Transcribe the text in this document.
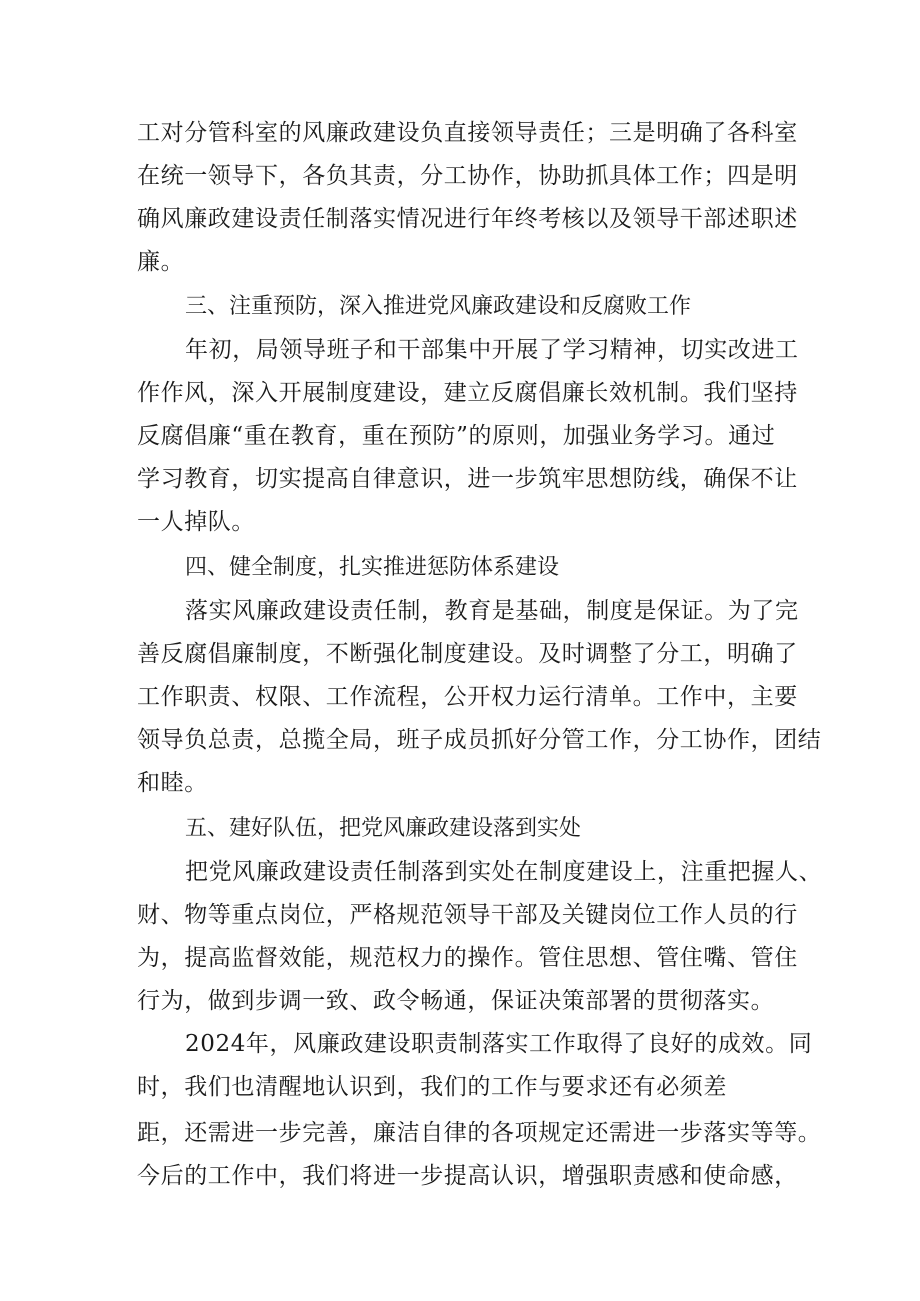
工对分管科室的风廉政建设负直接领导责任；三是明确了各科室
在统一领导下，各负其责，分工协作，协助抓具体工作；四是明
确风廉政建设责任制落实情况进行年终考核以及领导干部述职述
廉。
三、注重预防，深入推进党风廉政建设和反腐败工作
年初，局领导班子和干部集中开展了学习精神，切实改进工
作作风，深入开展制度建设，建立反腐倡廉长效机制。我们坚持
反腐倡廉“重在教育，重在预防”的原则，加强业务学习。通过
学习教育，切实提高自律意识，进一步筑牢思想防线，确保不让
一人掉队。
四、健全制度，扎实推进惩防体系建设
落实风廉政建设责任制，教育是基础，制度是保证。为了完
善反腐倡廉制度，不断强化制度建设。及时调整了分工，明确了
工作职责、权限、工作流程，公开权力运行清单。工作中，主要
领导负总责，总揽全局，班子成员抓好分管工作，分工协作，团结
和睦。
五、建好队伍，把党风廉政建设落到实处
把党风廉政建设责任制落到实处在制度建设上，注重把握人、
财、物等重点岗位，严格规范领导干部及关键岗位工作人员的行
为，提高监督效能，规范权力的操作。管住思想、管住嘴、管住
行为，做到步调一致、政令畅通，保证决策部署的贯彻落实。
2024年，风廉政建设职责制落实工作取得了良好的成效。同
时，我们也清醒地认识到，我们的工作与要求还有必须差
距，还需进一步完善，廉洁自律的各项规定还需进一步落实等等。
今后的工作中，我们将进一步提高认识，增强职责感和使命感，
